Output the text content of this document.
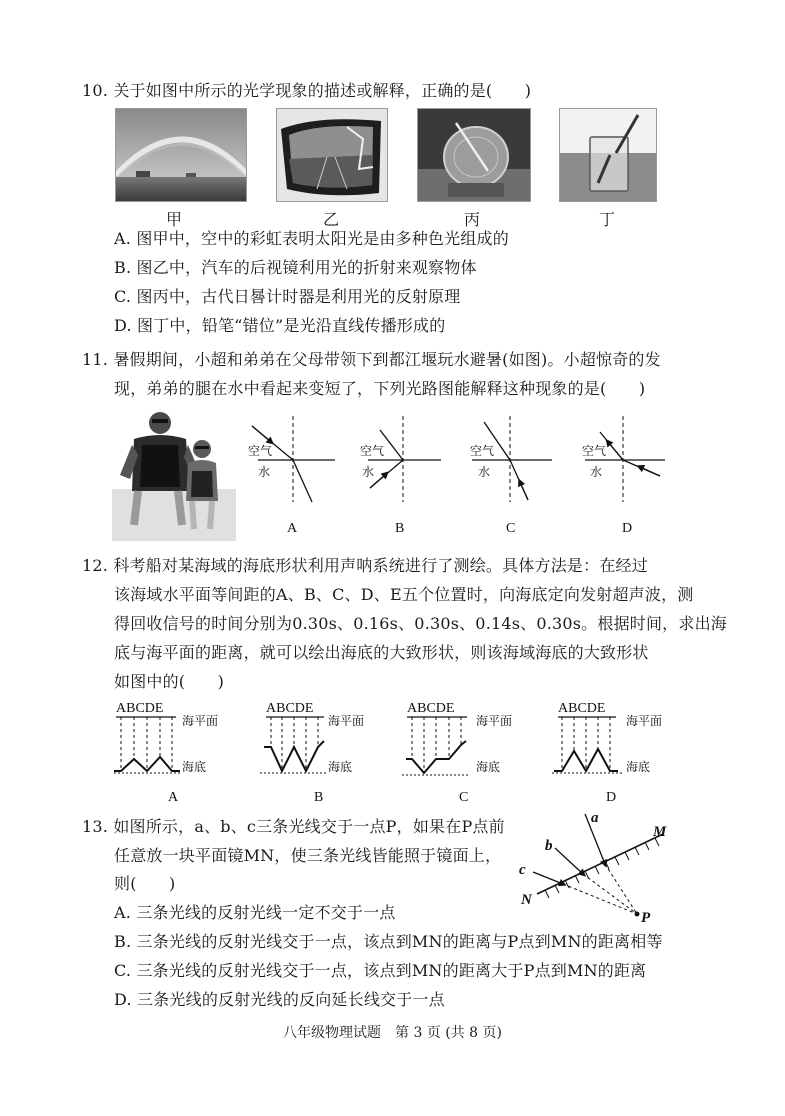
10. 关于如图中所示的光学现象的描述或解释，正确的是(　　)
甲	乙	丙	丁
A. 图甲中，空中的彩虹表明太阳光是由多种色光组成的
B. 图乙中，汽车的后视镜利用光的折射来观察物体
C. 图丙中，古代日晷计时器是利用光的反射原理
D. 图丁中，铅笔“错位”是光沿直线传播形成的
11. 暑假期间，小超和弟弟在父母带领下到都江堰玩水避暑(如图)。小超惊奇的发
现，弟弟的腿在水中看起来变短了，下列光路图能解释这种现象的是(　　)
空气
水
空气
水
空气
水
空气
水
A	B	C	D
12. 科考船对某海域的海底形状利用声呐系统进行了测绘。具体方法是：在经过
该海域水平面等间距的A、B、C、D、E五个位置时，向海底定向发射超声波，测
得回收信号的时间分别为0.30s、0.16s、0.30s、0.14s、0.30s。根据时间，求出海
底与海平面的距离，就可以绘出海底的大致形状，则该海域海底的大致形状
如图中的(　　)
ABCDE
海平面
海底
A
ABCDE
海平面
海底
B
ABCDE
海平面
海底
C
ABCDE
海平面
海底
D
13. 如图所示，a、b、c三条光线交于一点P，如果在P点前
任意放一块平面镜MN，使三条光线皆能照于镜面上，
则(　　)
a
b
c
M
N
P
A. 三条光线的反射光线一定不交于一点
B. 三条光线的反射光线交于一点，该点到MN的距离与P点到MN的距离相等
C. 三条光线的反射光线交于一点，该点到MN的距离大于P点到MN的距离
D. 三条光线的反射光线的反向延长线交于一点
八年级物理试题　第 3 页 (共 8 页)
